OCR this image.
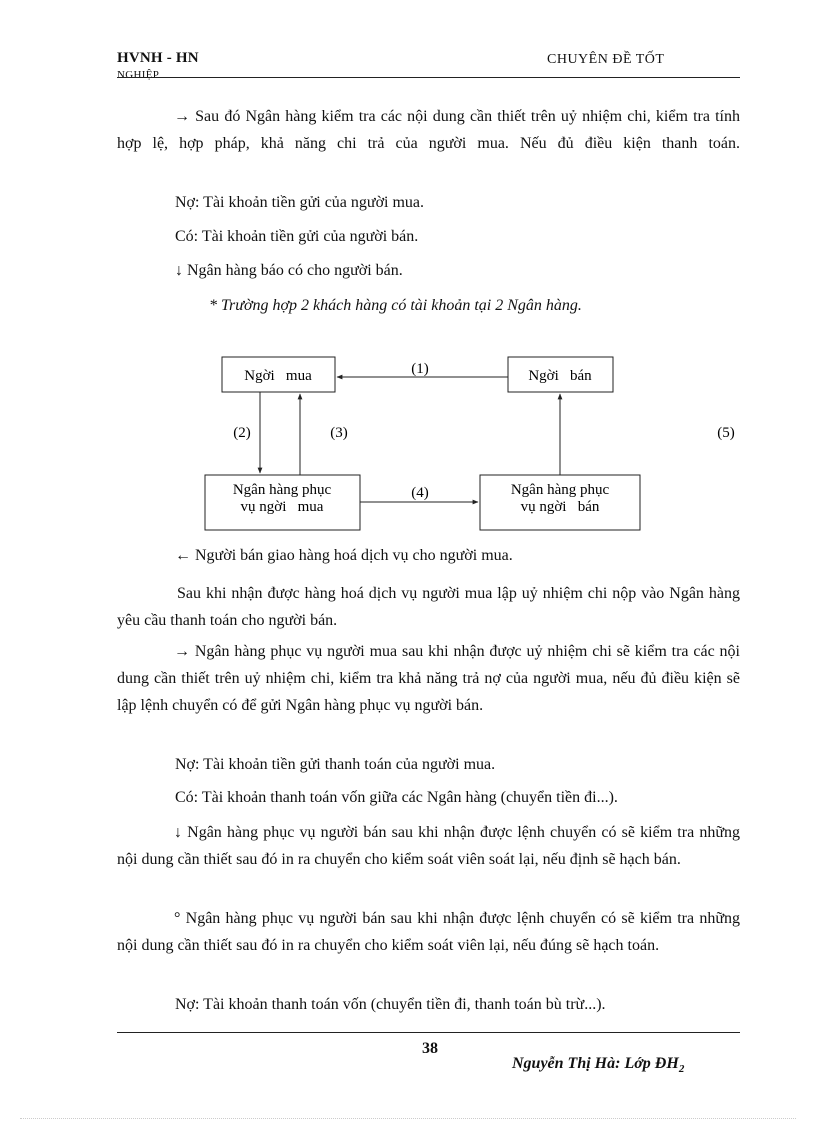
HVNH - HN
NGHIỆP
CHUYÊN ĐỀ TỐT
→ Sau đó Ngân hàng kiểm tra các nội dung cần thiết trên uỷ nhiệm chi, kiểm tra tính hợp lệ, hợp pháp, khả năng chi trả của người mua. Nếu đủ điều kiện thanh toán.
Nợ: Tài khoản tiền gửi của người mua.
Có: Tài khoản tiền gửi của người bán.
↓ Ngân hàng báo có cho người bán.
* Trường hợp 2 khách hàng có tài khoản tại 2 Ngân hàng.
Ngời   mua	Ngời   bán
Ngân hàng phục
vụ ngời   mua
Ngân hàng phục
vụ ngời   bán
(1)
(2)	(3)
(4)
(5)
← Người bán giao hàng hoá dịch vụ cho người mua.
Sau khi nhận được hàng hoá dịch vụ người mua lập uỷ nhiệm chi nộp vào Ngân hàng yêu cầu thanh toán cho người bán.
→ Ngân hàng phục vụ người mua sau khi nhận được uỷ nhiệm chi sẽ kiểm tra các nội dung cần thiết trên uỷ nhiệm chi, kiểm tra khả năng trả nợ của người mua, nếu đủ điều kiện sẽ lập lệnh chuyển có để gửi Ngân hàng phục vụ người bán.
Nợ: Tài khoản tiền gửi thanh toán của người mua.
Có: Tài khoản thanh toán vốn giữa các Ngân hàng (chuyển tiền đi...).
↓ Ngân hàng phục vụ người bán sau khi nhận được lệnh chuyển có sẽ kiểm tra những nội dung cần thiết sau đó in ra chuyển cho kiểm soát viên soát lại, nếu định sẽ hạch bán.
° Ngân hàng phục vụ người bán sau khi nhận được lệnh chuyển có sẽ kiểm tra những nội dung cần thiết sau đó in ra chuyển cho kiểm soát viên lại, nếu đúng sẽ hạch toán.
Nợ: Tài khoản thanh toán vốn (chuyển tiền đi, thanh toán bù trừ...).
38
Nguyễn Thị Hà: Lớp $ĐH_2$
